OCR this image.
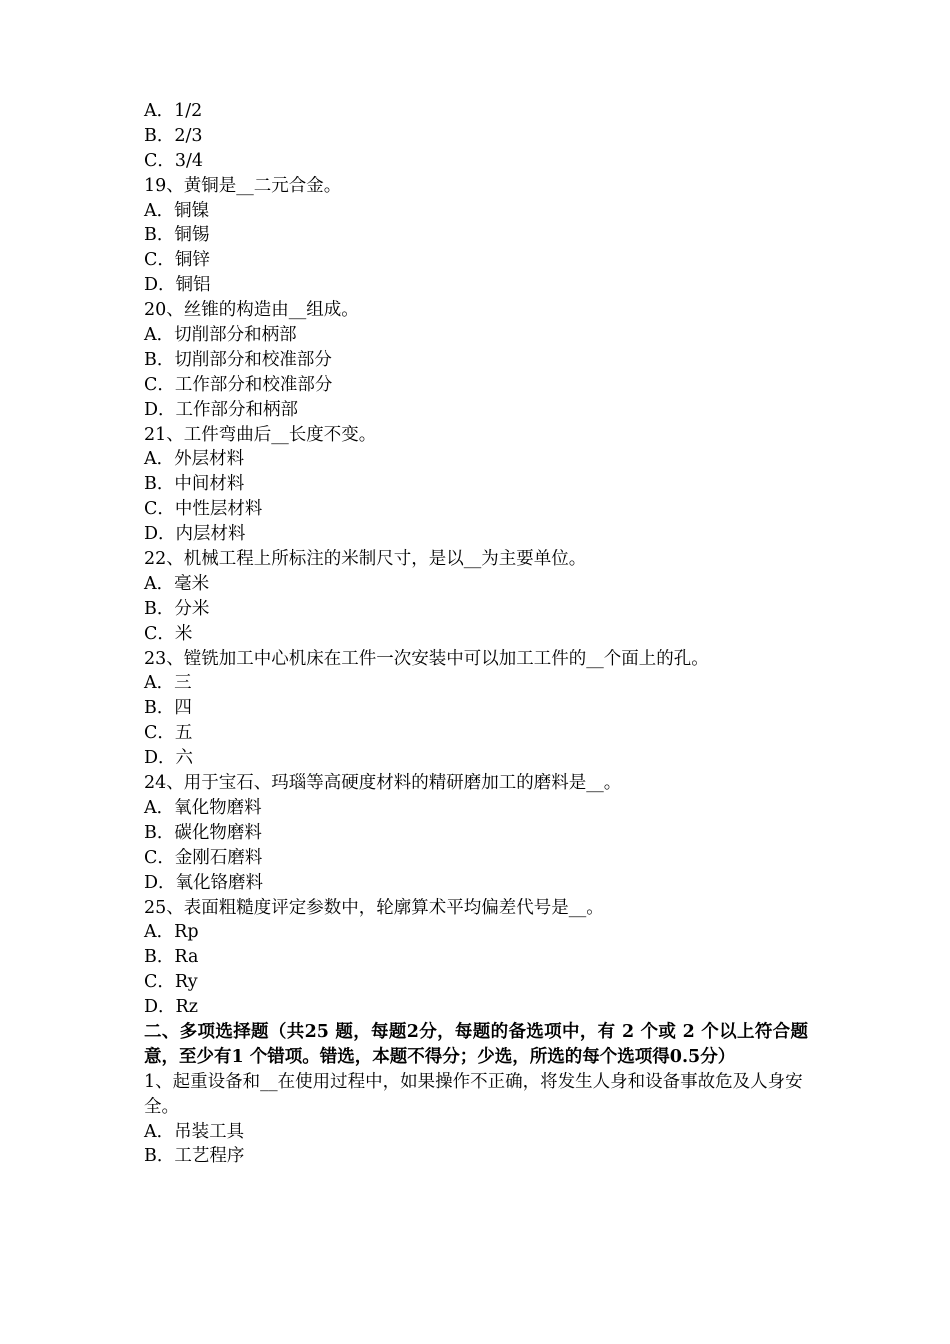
A．1/2
B．2/3
C．3/4
19、黄铜是__二元合金。
A．铜镍
B．铜锡
C．铜锌
D．铜铝
20、丝锥的构造由__组成。
A．切削部分和柄部
B．切削部分和校准部分
C．工作部分和校准部分
D．工作部分和柄部
21、工件弯曲后__长度不变。
A．外层材料
B．中间材料
C．中性层材料
D．内层材料
22、机械工程上所标注的米制尺寸，是以__为主要单位。
A．毫米
B．分米
C．米
23、镗铣加工中心机床在工件一次安装中可以加工工件的__个面上的孔。
A．三
B．四
C．五
D．六
24、用于宝石、玛瑙等高硬度材料的精研磨加工的磨料是__。
A．氧化物磨料
B．碳化物磨料
C．金刚石磨料
D．氧化铬磨料
25、表面粗糙度评定参数中，轮廓算术平均偏差代号是__。
A．Rp
B．Ra
C．Ry
D．Rz
二、多项选择题（共25 题，每题2分，每题的备选项中，有 2 个或 2 个以上符合题意，至少有1 个错项。错选，本题不得分；少选，所选的每个选项得0.5分）
1、起重设备和__在使用过程中，如果操作不正确，将发生人身和设备事故危及人身安全。
A．吊装工具
B．工艺程序
